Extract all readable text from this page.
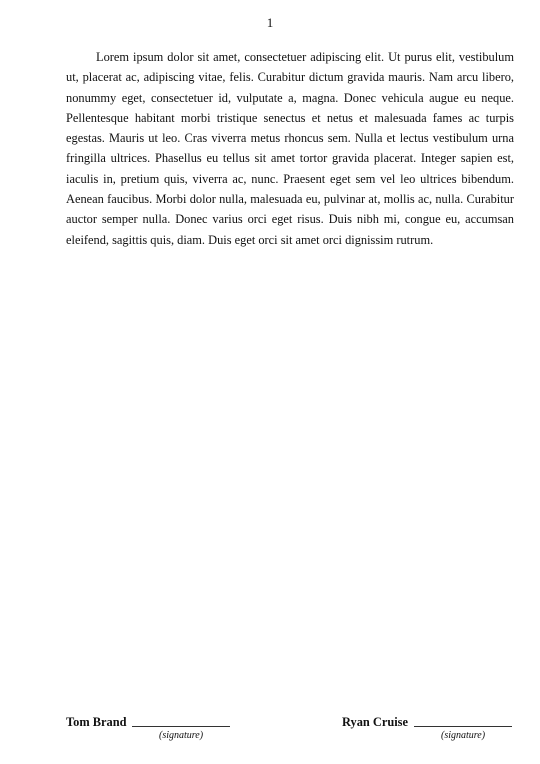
1

Lorem ipsum dolor sit amet, consectetuer adipiscing elit. Ut purus elit, vestibulum ut, placerat ac, adipiscing vitae, felis. Curabitur dictum gravida mauris. Nam arcu libero, nonummy eget, consectetuer id, vulputate a, magna. Donec vehicula augue eu neque. Pellentesque habitant morbi tristique senectus et netus et malesuada fames ac turpis egestas. Mauris ut leo. Cras viverra metus rhoncus sem. Nulla et lectus vestibulum urna fringilla ultrices. Phasellus eu tellus sit amet tortor gravida placerat. Integer sapien est, iaculis in, pretium quis, viverra ac, nunc. Praesent eget sem vel leo ultrices bibendum. Aenean faucibus. Morbi dolor nulla, malesuada eu, pulvinar at, mollis ac, nulla. Curabitur auctor semper nulla. Donec varius orci eget risus. Duis nibh mi, congue eu, accumsan eleifend, sagittis quis, diam. Duis eget orci sit amet orci dignissim rutrum.

Tom Brand
(signature)
Ryan Cruise
(signature)
